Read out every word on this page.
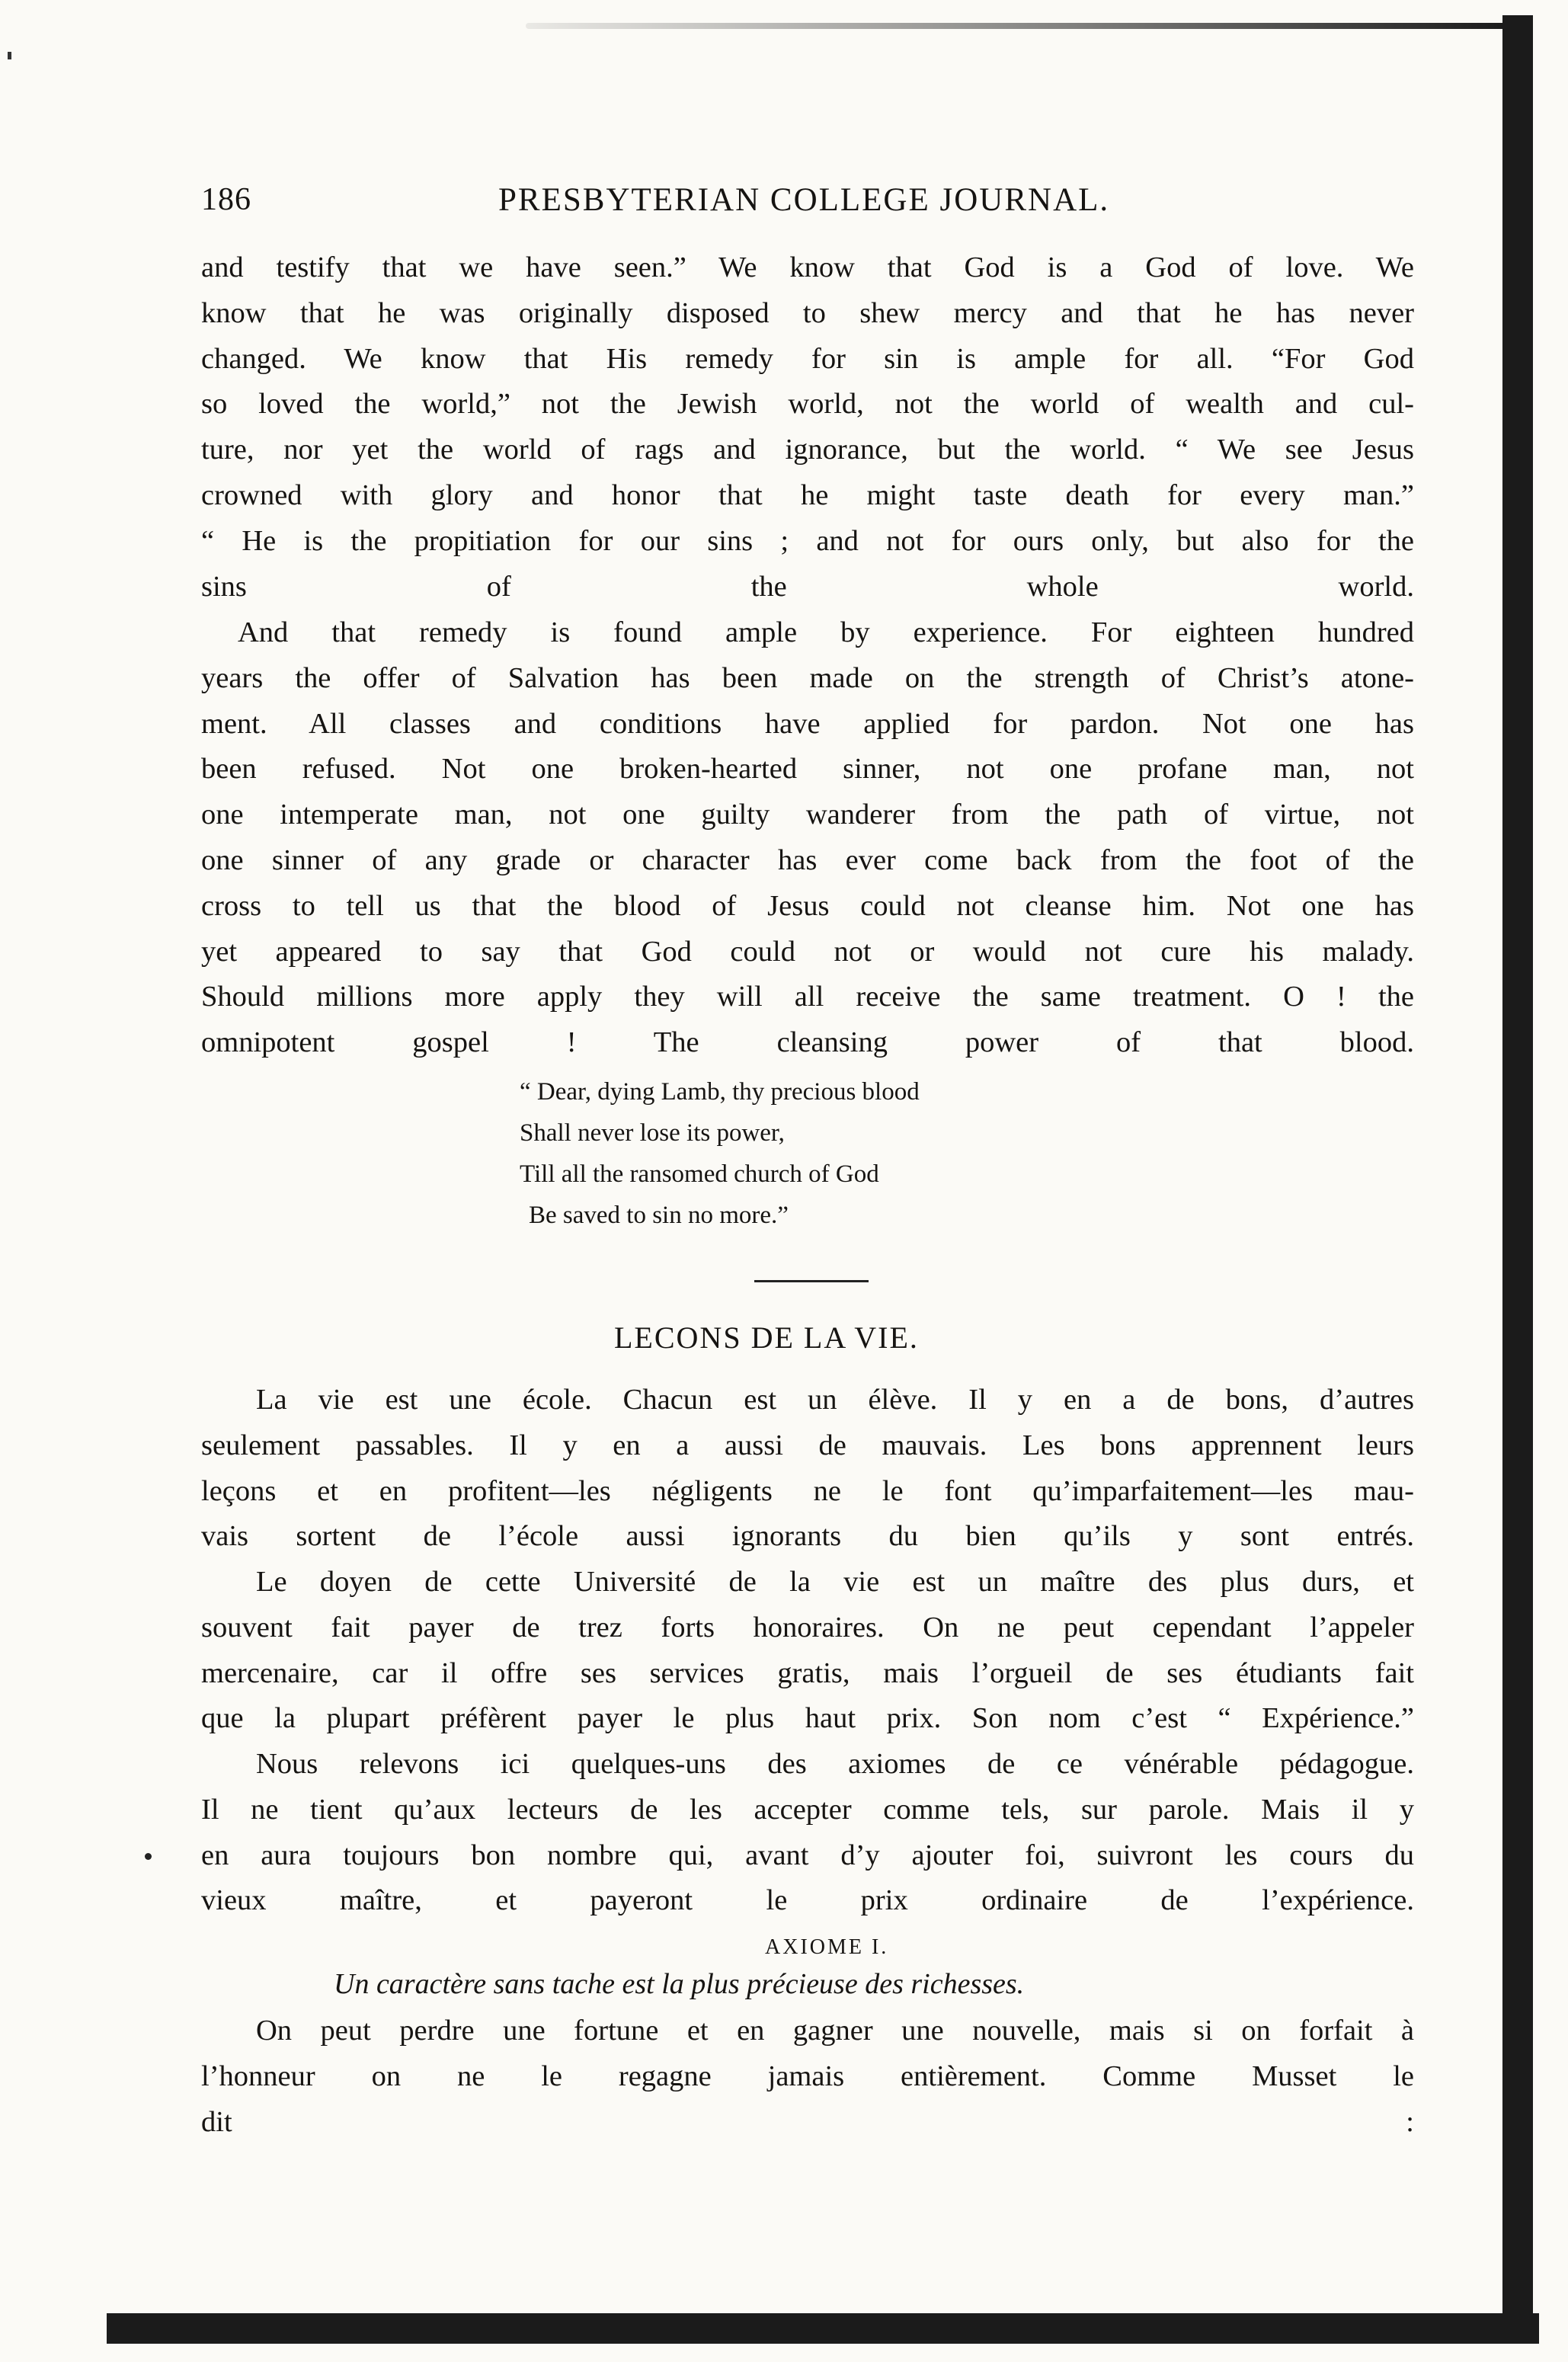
186	PRESBYTERIAN COLLEGE JOURNAL.
and testify that we have seen.” We know that God is a God of love. We
know that he was originally disposed to shew mercy and that he has never
changed. We know that His remedy for sin is ample for all. “For God
so loved the world,” not the Jewish world, not the world of wealth and cul-
ture, nor yet the world of rags and ignorance, but the world. “ We see Jesus
crowned with glory and honor that he might taste death for every man.”
“ He is the propitiation for our sins ; and not for ours only, but also for the
sins of the whole world.
And that remedy is found ample by experience. For eighteen hundred
years the offer of Salvation has been made on the strength of Christ’s atone-
ment. All classes and conditions have applied for pardon. Not one has
been refused. Not one broken-hearted sinner, not one profane man, not
one intemperate man, not one guilty wanderer from the path of virtue, not
one sinner of any grade or character has ever come back from the foot of the
cross to tell us that the blood of Jesus could not cleanse him. Not one has
yet appeared to say that God could not or would not cure his malady.
Should millions more apply they will all receive the same treatment. O ! the
omnipotent gospel ! The cleansing power of that blood.
“ Dear, dying Lamb, thy precious blood
Shall never lose its power,
Till all the ransomed church of God
Be saved to sin no more.”
LECONS DE LA VIE.
La vie est une école. Chacun est un élève. Il y en a de bons, d’autres
seulement passables. Il y en a aussi de mauvais. Les bons apprennent leurs
leçons et en profitent—les négligents ne le font qu’imparfaitement—les mau-
vais sortent de l’école aussi ignorants du bien qu’ils y sont entrés.
Le doyen de cette Université de la vie est un maître des plus durs, et
souvent fait payer de trez forts honoraires. On ne peut cependant l’appeler
mercenaire, car il offre ses services gratis, mais l’orgueil de ses étudiants fait
que la plupart préfèrent payer le plus haut prix. Son nom c’est “ Expérience.”
Nous relevons ici quelques-uns des axiomes de ce vénérable pédagogue.
Il ne tient qu’aux lecteurs de les accepter comme tels, sur parole. Mais il y
en aura toujours bon nombre qui, avant d’y ajouter foi, suivront les cours du
vieux maître, et payeront le prix ordinaire de l’expérience.
AXIOME I.
Un caractère sans tache est la plus précieuse des richesses.
On peut perdre une fortune et en gagner une nouvelle, mais si on forfait à
l’honneur on ne le regagne jamais entièrement. Comme Musset le
dit :
